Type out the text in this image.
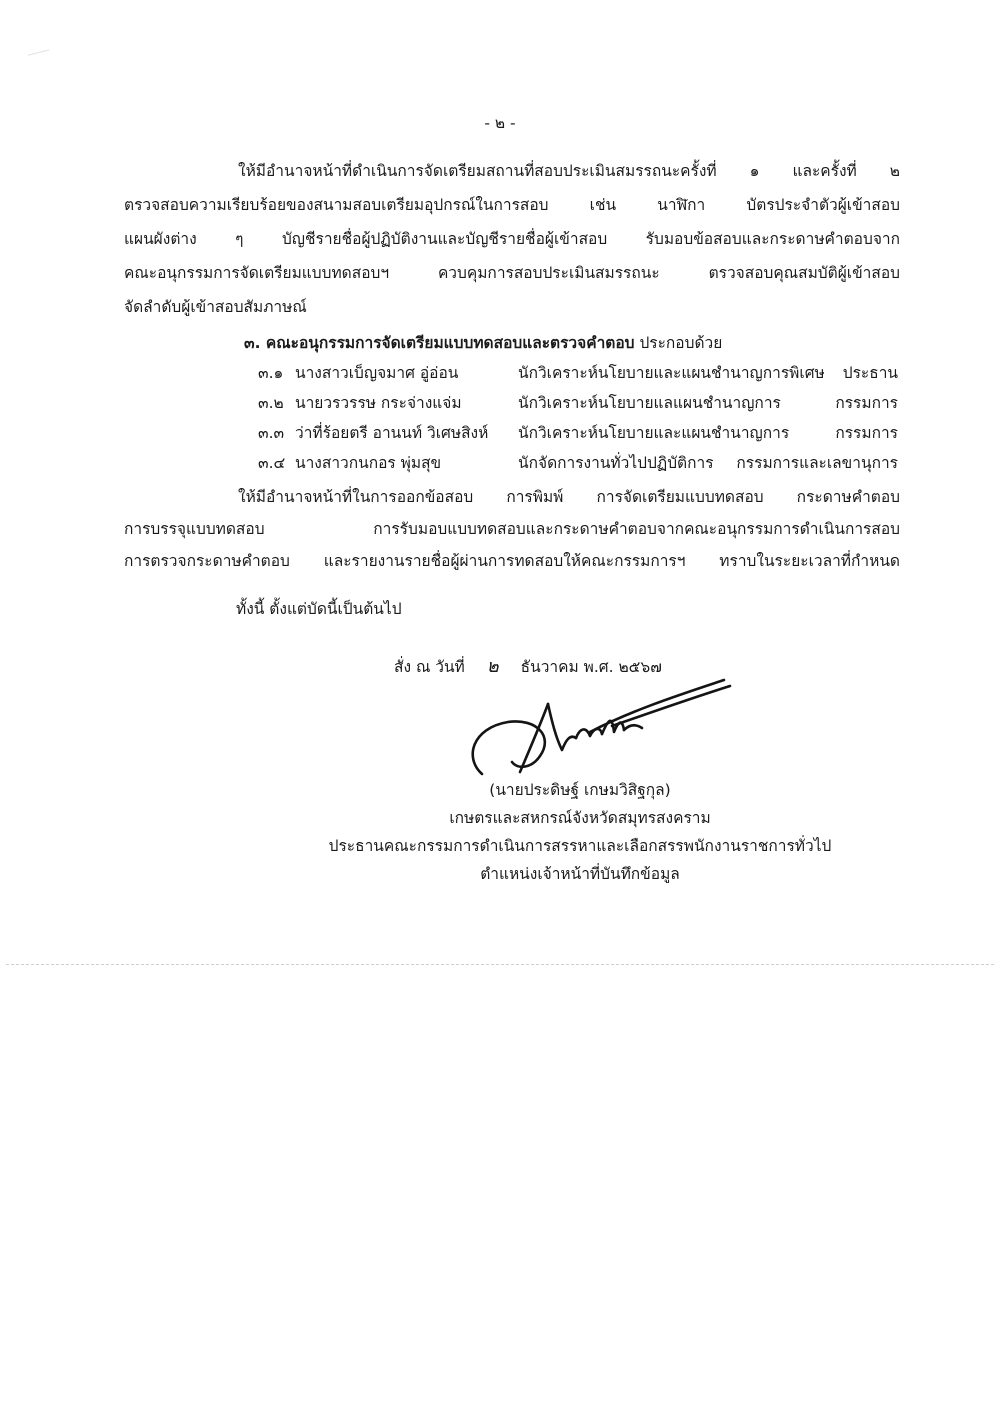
- ๒ -
ให้มีอำนาจหน้าที่ดำเนินการจัดเตรียมสถานที่สอบประเมินสมรรถนะครั้งที่ ๑ และครั้งที่ ๒
ตรวจสอบความเรียบร้อยของสนามสอบเตรียมอุปกรณ์ในการสอบ เช่น นาฬิกา บัตรประจำตัวผู้เข้าสอบ
แผนผังต่าง ๆ บัญชีรายชื่อผู้ปฏิบัติงานและบัญชีรายชื่อผู้เข้าสอบ รับมอบข้อสอบและกระดาษคำตอบจาก
คณะอนุกรรมการจัดเตรียมแบบทดสอบฯ ควบคุมการสอบประเมินสมรรถนะ ตรวจสอบคุณสมบัติผู้เข้าสอบ
จัดลำดับผู้เข้าสอบสัมภาษณ์
๓. คณะอนุกรรมการจัดเตรียมแบบทดสอบและตรวจคำตอบ ประกอบด้วย
๓.๑ นางสาวเบ็ญจมาศ อู่อ่อน	นักวิเคราะห์นโยบายและแผนชำนาญการพิเศษ ประธาน
๓.๒ นายวรวรรษ กระจ่างแจ่ม	นักวิเคราะห์นโยบายแลแผนชำนาญการ	กรรมการ
๓.๓ ว่าที่ร้อยตรี อานนท์ วิเศษสิงห์ นักวิเคราะห์นโยบายและแผนชำนาญการ	กรรมการ
๓.๔ นางสาวกนกอร พุ่มสุข	นักจัดการงานทั่วไปปฏิบัติการ กรรมการและเลขานุการ
ให้มีอำนาจหน้าที่ในการออกข้อสอบ การพิมพ์ การจัดเตรียมแบบทดสอบ กระดาษคำตอบ
การบรรจุแบบทดสอบ การรับมอบแบบทดสอบและกระดาษคำตอบจากคณะอนุกรรมการดำเนินการสอบ
การตรวจกระดาษคำตอบ และรายงานรายชื่อผู้ผ่านการทดสอบให้คณะกรรมการฯ ทราบในระยะเวลาที่กำหนด
ทั้งนี้ ตั้งแต่บัดนี้เป็นต้นไป
สั่ง ณ วันที่ ๒ ธันวาคม พ.ศ. ๒๕๖๗
(นายประดิษฐ์ เกษมวิสิฐกุล)
เกษตรและสหกรณ์จังหวัดสมุทรสงคราม
ประธานคณะกรรมการดำเนินการสรรหาและเลือกสรรพนักงานราชการทั่วไป
ตำแหน่งเจ้าหน้าที่บันทึกข้อมูล
